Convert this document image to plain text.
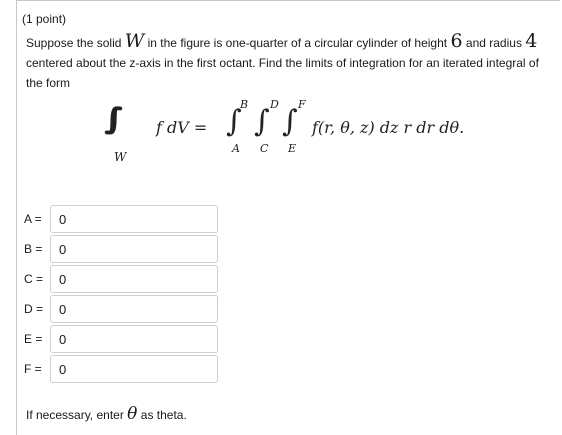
(1 point)
Suppose the solid W in the figure is one-quarter of a circular cylinder of height 6 and radius 4
centered about the z-axis in the first octant. Find the limits of integration for an iterated integral of
the form
∫∫∫
W
f dV = ∫
B
A
∫ D
C
∫ F
E
f(r, θ, z) dz r dr dθ.
A =	0
B =	0
C =	0
D =	0
E =	0
F =	0
If necessary, enter θ as theta.
